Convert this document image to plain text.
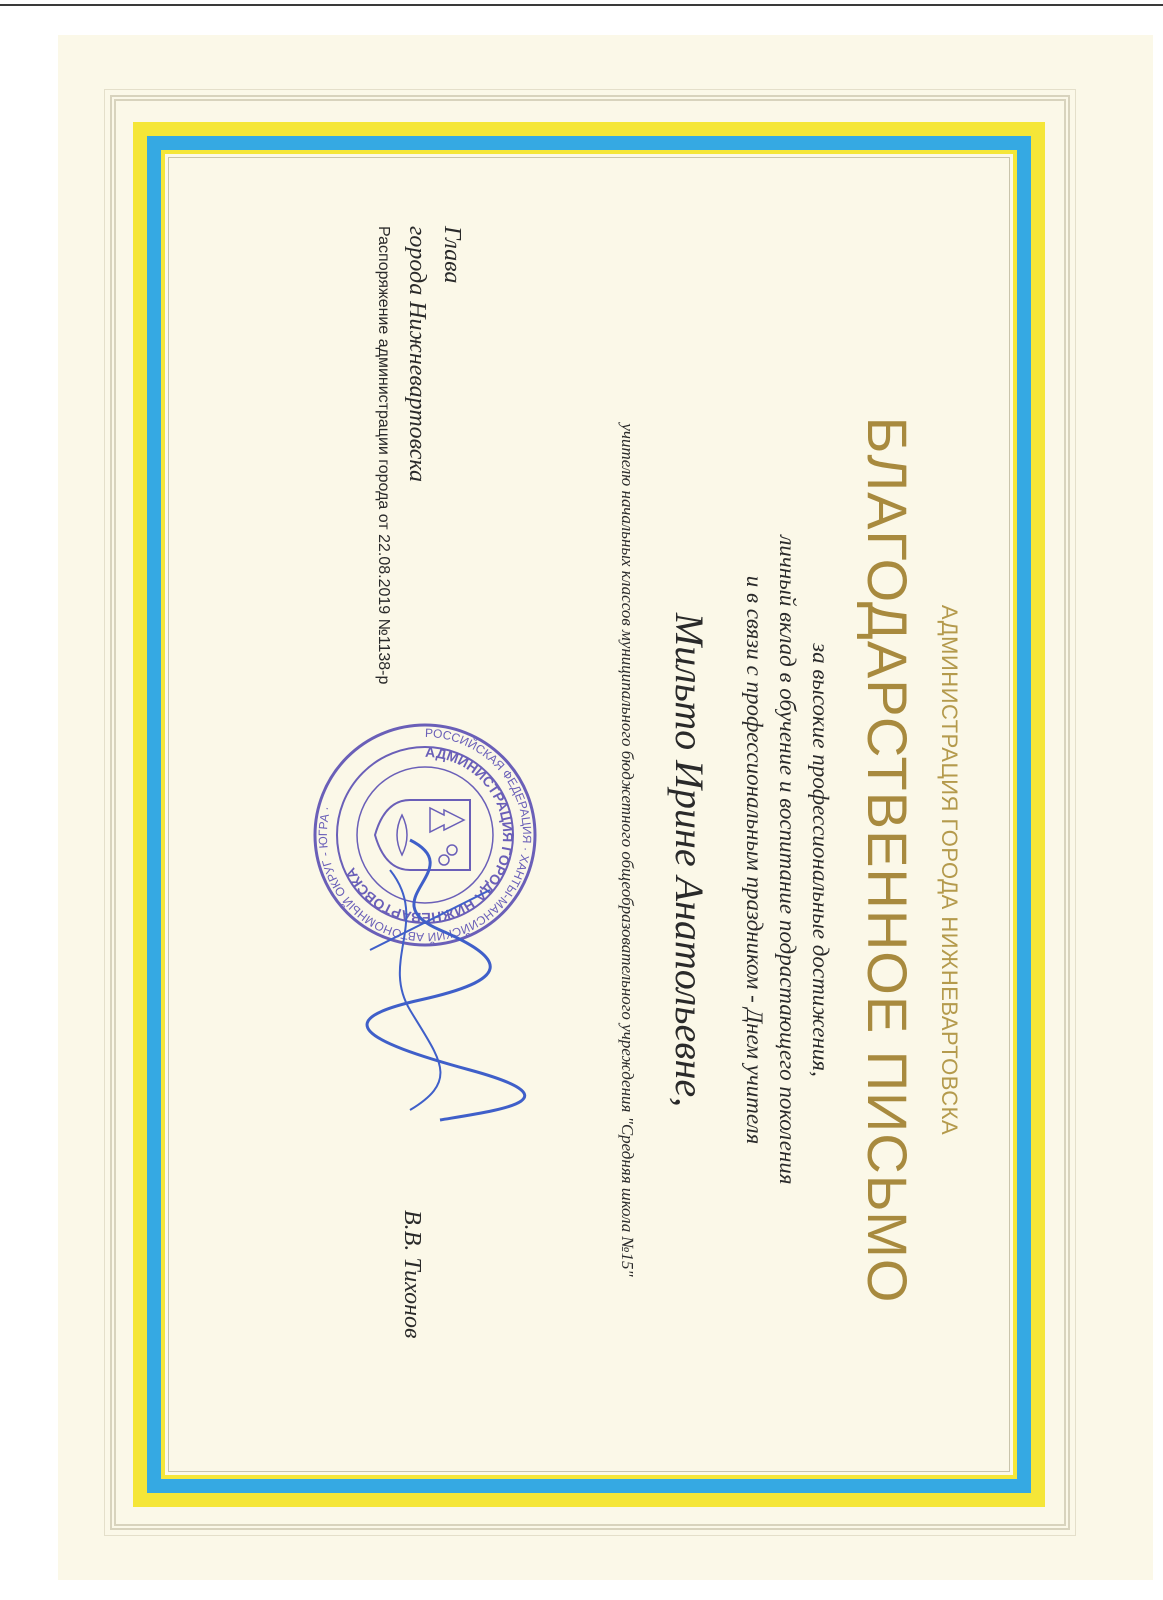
АДМИНИСТРАЦИЯ ГОРОДА НИЖНЕВАРТОВСКА
БЛАГОДАРСТВЕННОЕ ПИСЬМО
за высокие профессиональные достижения,
личный вклад в обучение и воспитание подрастающего поколения
и в связи с профессиональным праздником - Днем учителя
Мильто Ирине Анатольевне,
учителю начальных классов муниципального бюджетного общеобразовательного учреждения "Средняя школа №15"
Глава
города Нижневартовска
Распоряжение администрации города от 22.08.2019 №1138-р
В.В. Тихонов
РОССИЙСКАЯ ФЕДЕРАЦИЯ · ХАНТЫ-МАНСИЙСКИЙ АВТОНОМНЫЙ ОКРУГ - ЮГРА ·
АДМИНИСТРАЦИЯ ГОРОДА НИЖНЕВАРТОВСКА
